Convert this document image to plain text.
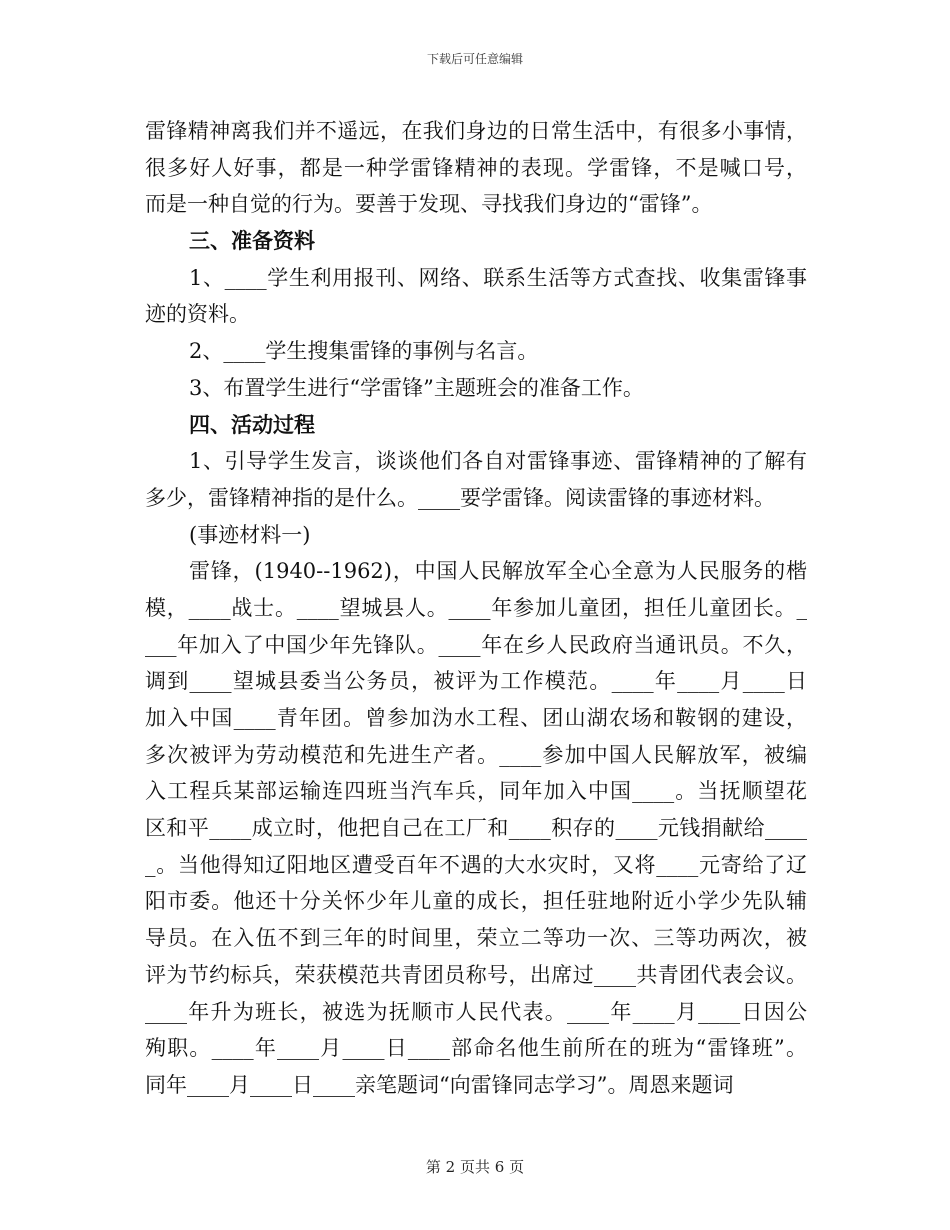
下载后可任意编辑
雷锋精神离我们并不遥远，在我们身边的日常生活中，有很多小事情，
很多好人好事，都是一种学雷锋精神的表现。学雷锋，不是喊口号，
而是一种自觉的行为。要善于发现、寻找我们身边的“雷锋”。
三、准备资料
1、____学生利用报刊、网络、联系生活等方式查找、收集雷锋事
迹的资料。
2、____学生搜集雷锋的事例与名言。
3、布置学生进行“学雷锋”主题班会的准备工作。
四、活动过程
1、引导学生发言，谈谈他们各自对雷锋事迹、雷锋精神的了解有
多少，雷锋精神指的是什么。____要学雷锋。阅读雷锋的事迹材料。
(事迹材料一)
雷锋，(1940--1962)，中国人民解放军全心全意为人民服务的楷
模，____战士。____望城县人。____年参加儿童团，担任儿童团长。_
___年加入了中国少年先锋队。____年在乡人民政府当通讯员。不久，
调到____望城县委当公务员，被评为工作模范。____年____月____日
加入中国____青年团。曾参加沩水工程、团山湖农场和鞍钢的建设，
多次被评为劳动模范和先进生产者。____参加中国人民解放军，被编
入工程兵某部运输连四班当汽车兵，同年加入中国____。当抚顺望花
区和平____成立时，他把自己在工厂和____积存的____元钱捐献给____
_。当他得知辽阳地区遭受百年不遇的大水灾时，又将____元寄给了辽
阳市委。他还十分关怀少年儿童的成长，担任驻地附近小学少先队辅
导员。在入伍不到三年的时间里，荣立二等功一次、三等功两次，被
评为节约标兵，荣获模范共青团员称号，出席过____共青团代表会议。
____年升为班长，被选为抚顺市人民代表。____年____月____日因公
殉职。____年____月____日____部命名他生前所在的班为“雷锋班”。
同年____月____日____亲笔题词“向雷锋同志学习”。周恩来题词
第 2 页共 6 页
